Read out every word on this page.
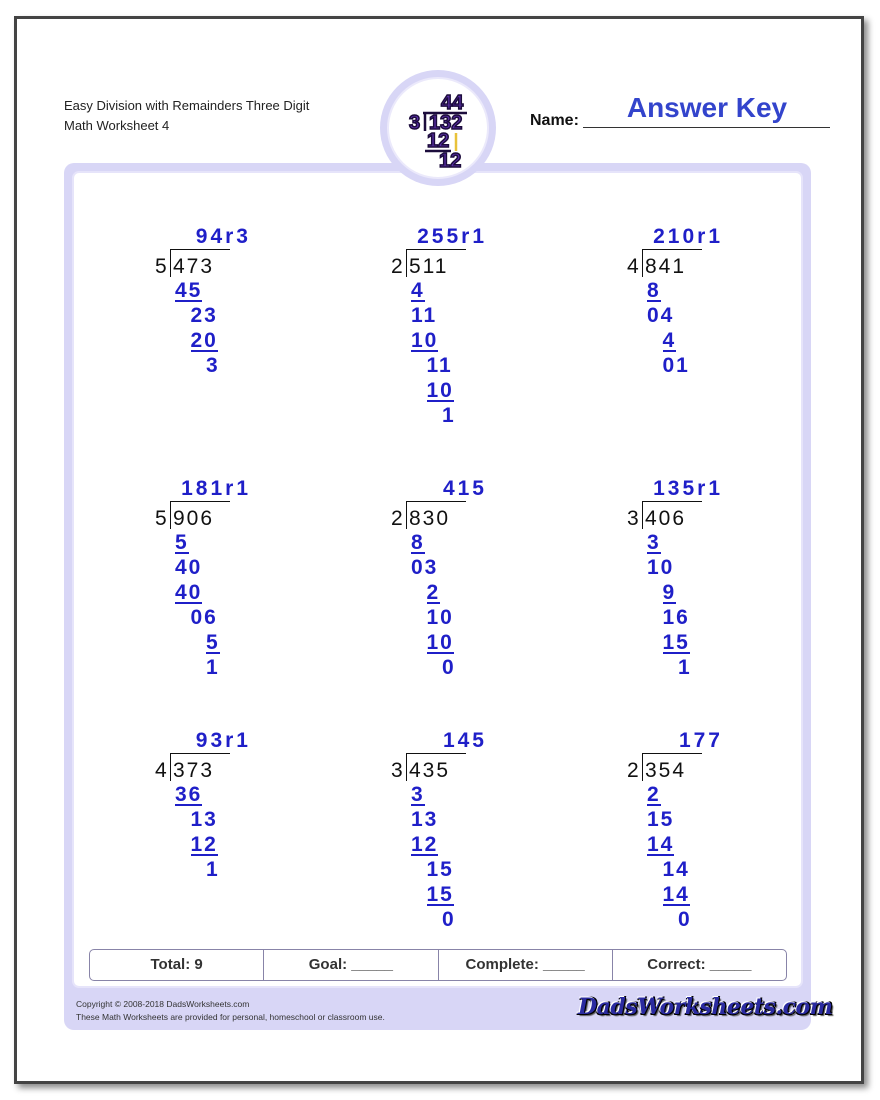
Easy Division with Remainders Three Digit
Math Worksheet 4	Name:	Answer Key
44
3 132
12
12
94r3
5 473
45
23
20
3
255r1
2 511
4
11
10
11
10
1
210r1
4 841
8
04
4
01
181r1
5 906
5
40
40
06
5
1
415
2 830
8
03
2
10
10
0
135r1
3 406
3
10
9
16
15
1
93r1
4 373
36
13
12
1
145
3 435
3
13
12
15
15
0
177
2 354
2
15
14
14
14
0
Total: 9	Goal: _____	Complete: _____	Correct: _____
Copyright © 2008-2018 DadsWorksheets.com
These Math Worksheets are provided for personal, homeschool or classroom use.	DadsWorksheets.com
